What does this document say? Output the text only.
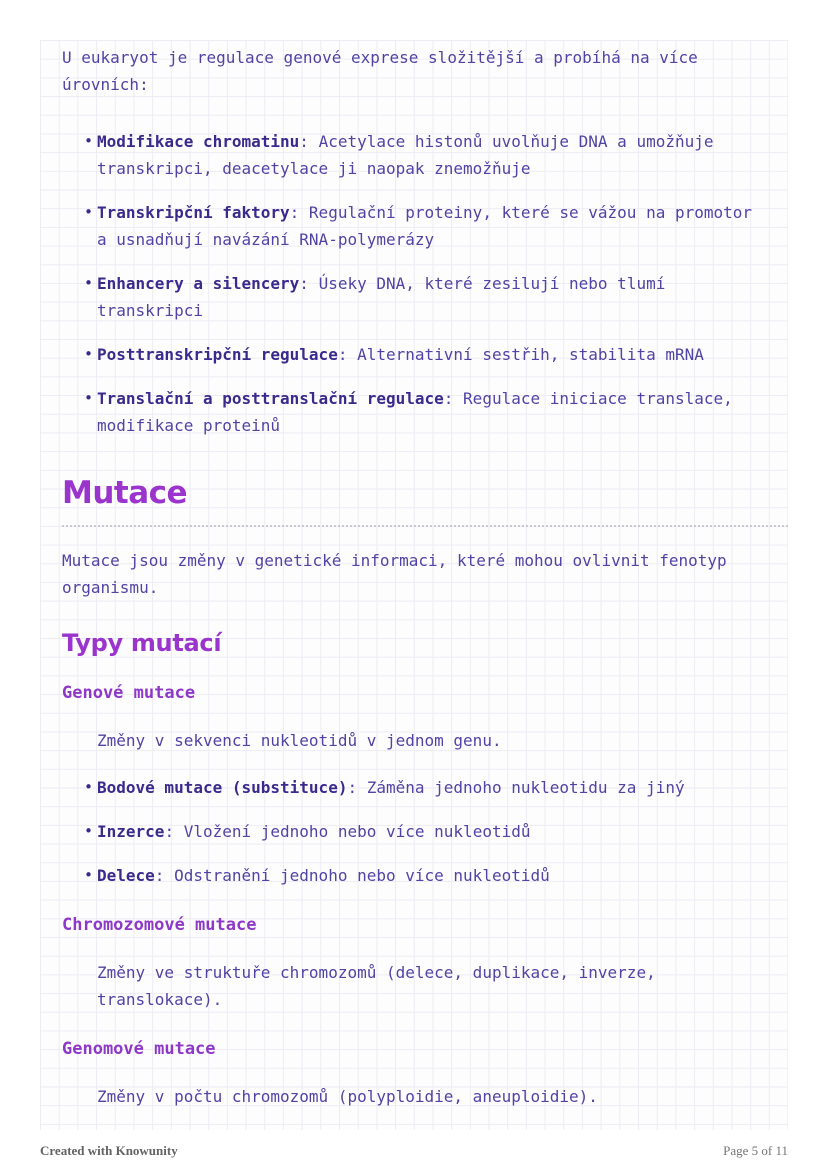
U eukaryot je regulace genové exprese složitější a probíhá na více úrovních:

• Modifikace chromatinu: Acetylace histonů uvolňuje DNA a umožňuje transkripci, deacetylace ji naopak znemožňuje
• Transkripční faktory: Regulační proteiny, které se vážou na promotor a usnadňují navázání RNA-polymerázy
• Enhancery a silencery: Úseky DNA, které zesilují nebo tlumí transkripci
• Posttranskripční regulace: Alternativní sestřih, stabilita mRNA
• Translační a posttranslační regulace: Regulace iniciace translace, modifikace proteinů
Mutace

Mutace jsou změny v genetické informaci, které mohou ovlivnit fenotyp organismu.

Typy mutací
Genové mutace

Změny v sekvenci nukleotidů v jednom genu.

• Bodové mutace (substituce): Záměna jednoho nukleotidu za jiný
• Inzerce: Vložení jednoho nebo více nukleotidů
• Delece: Odstranění jednoho nebo více nukleotidů
Chromozomové mutace

Změny ve struktuře chromozomů (delece, duplikace, inverze, translokace).

Genomové mutace

Změny v počtu chromozomů (polyploidie, aneuploidie).

Created with Knowunity	Page 5 of 11
